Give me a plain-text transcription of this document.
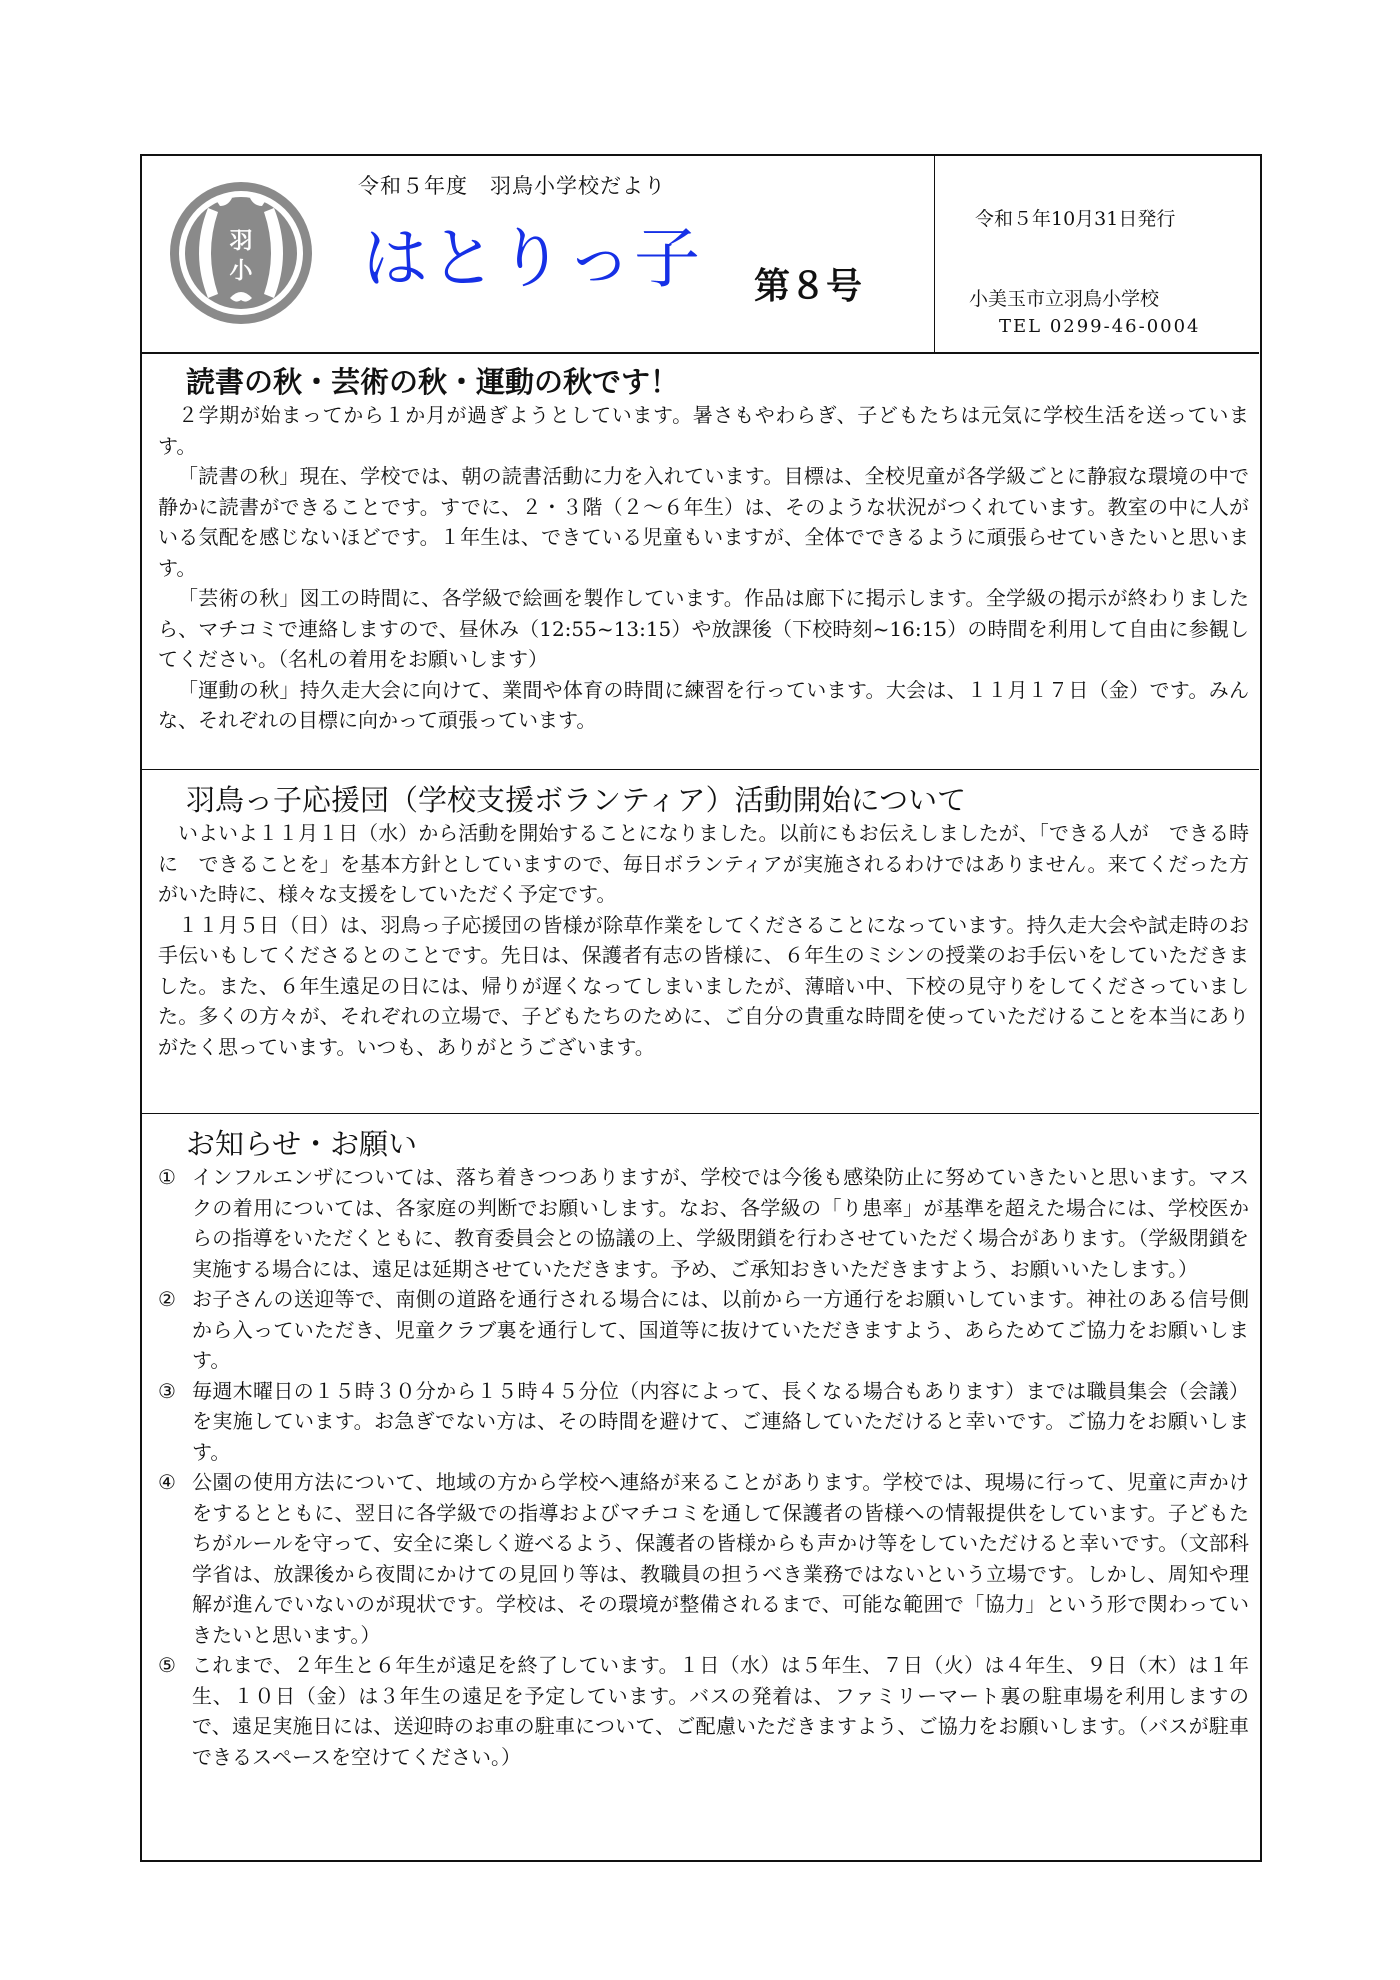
羽
小
令和５年度　羽鳥小学校だより
はとりっ子 第８号
令和５年10月31日発行
小美玉市立羽鳥小学校
TEL 0299-46-0004
読書の秋・芸術の秋・運動の秋です！

２学期が始まってから１か月が過ぎようとしています。暑さもやわらぎ、子どもたちは元気に学校生活を送っています。

「読書の秋」現在、学校では、朝の読書活動に力を入れています。目標は、全校児童が各学級ごとに静寂な環境の中で静かに読書ができることです。すでに、２・３階（２～６年生）は、そのような状況がつくれています。教室の中に人がいる気配を感じないほどです。１年生は、できている児童もいますが、全体でできるように頑張らせていきたいと思います。

「芸術の秋」図工の時間に、各学級で絵画を製作しています。作品は廊下に掲示します。全学級の掲示が終わりましたら、マチコミで連絡しますので、昼休み（12:55~13:15）や放課後（下校時刻~16:15）の時間を利用して自由に参観してください。（名札の着用をお願いします）

「運動の秋」持久走大会に向けて、業間や体育の時間に練習を行っています。大会は、１１月１７日（金）です。みんな、それぞれの目標に向かって頑張っています。

羽鳥っ子応援団（学校支援ボランティア）活動開始について

いよいよ１１月１日（水）から活動を開始することになりました。以前にもお伝えしましたが、「できる人が　できる時に　できることを」を基本方針としていますので、毎日ボランティアが実施されるわけではありません。来てくだった方がいた時に、様々な支援をしていただく予定です。

１１月５日（日）は、羽鳥っ子応援団の皆様が除草作業をしてくださることになっています。持久走大会や試走時のお手伝いもしてくださるとのことです。先日は、保護者有志の皆様に、６年生のミシンの授業のお手伝いをしていただきました。また、６年生遠足の日には、帰りが遅くなってしまいましたが、薄暗い中、下校の見守りをしてくださっていました。多くの方々が、それぞれの立場で、子どもたちのために、ご自分の貴重な時間を使っていただけることを本当にありがたく思っています。いつも、ありがとうございます。

お知らせ・お願い
① インフルエンザについては、落ち着きつつありますが、学校では今後も感染防止に努めていきたいと思います。マスクの着用については、各家庭の判断でお願いします。なお、各学級の「り患率」が基準を超えた場合には、学校医からの指導をいただくともに、教育委員会との協議の上、学級閉鎖を行わさせていただく場合があります。（学級閉鎖を実施する場合には、遠足は延期させていただきます。予め、ご承知おきいただきますよう、お願いいたします。）
② お子さんの送迎等で、南側の道路を通行される場合には、以前から一方通行をお願いしています。神社のある信号側から入っていただき、児童クラブ裏を通行して、国道等に抜けていただきますよう、あらためてご協力をお願いします。
③ 毎週木曜日の１５時３０分から１５時４５分位（内容によって、長くなる場合もあります）までは職員集会（会議）を実施しています。お急ぎでない方は、その時間を避けて、ご連絡していただけると幸いです。ご協力をお願いします。
④ 公園の使用方法について、地域の方から学校へ連絡が来ることがあります。学校では、現場に行って、児童に声かけをするとともに、翌日に各学級での指導およびマチコミを通して保護者の皆様への情報提供をしています。子どもたちがルールを守って、安全に楽しく遊べるよう、保護者の皆様からも声かけ等をしていただけると幸いです。（文部科学省は、放課後から夜間にかけての見回り等は、教職員の担うべき業務ではないという立場です。しかし、周知や理解が進んでいないのが現状です。学校は、その環境が整備されるまで、可能な範囲で「協力」という形で関わっていきたいと思います。）
⑤ これまで、２年生と６年生が遠足を終了しています。１日（水）は５年生、７日（火）は４年生、９日（木）は１年生、１０日（金）は３年生の遠足を予定しています。バスの発着は、ファミリーマート裏の駐車場を利用しますので、遠足実施日には、送迎時のお車の駐車について、ご配慮いただきますよう、ご協力をお願いします。（バスが駐車できるスペースを空けてください。）
